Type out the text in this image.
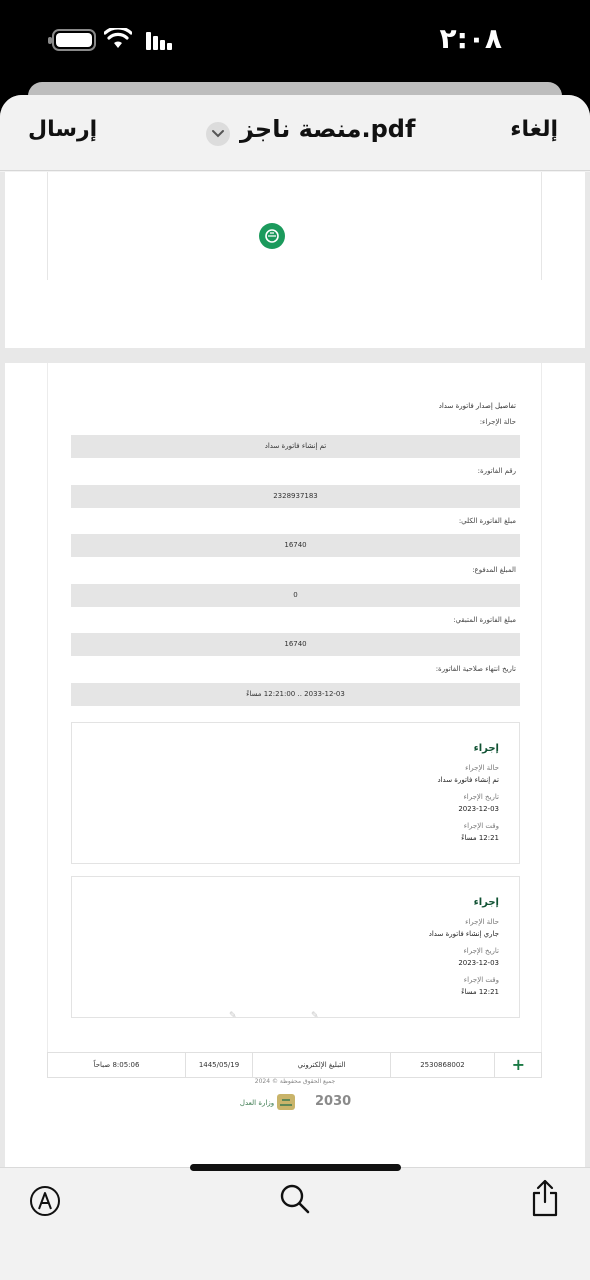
٢:٠٨
إرسال	منصة ناجز.pdf	إلغاء
تفاصيل إصدار فاتورة سداد
حالة الإجراء:
تم إنشاء فاتورة سداد
رقم الفاتورة:
2328937183
مبلغ الفاتورة الكلي:
16740
المبلغ المدفوع:
0
مبلغ الفاتورة المتبقي:
16740
تاريخ انتهاء صلاحية الفاتورة:
2033-12-03 .. 12:21:00 مساءً
إجراء
حالة الإجراء
تم إنشاء فاتورة سداد
تاريخ الإجراء
2023-12-03
وقت الإجراء
12:21 مساءً
إجراء
حالة الإجراء
جاري إنشاء فاتورة سداد
تاريخ الإجراء
2023-12-03
وقت الإجراء
12:21 مساءً
✎	✎
8:05:06 صباحاً	1445/05/19	التبليغ الإلكتروني	2530868002	+
جميع الحقوق محفوظة © 2024
وزارة العدل	2030
